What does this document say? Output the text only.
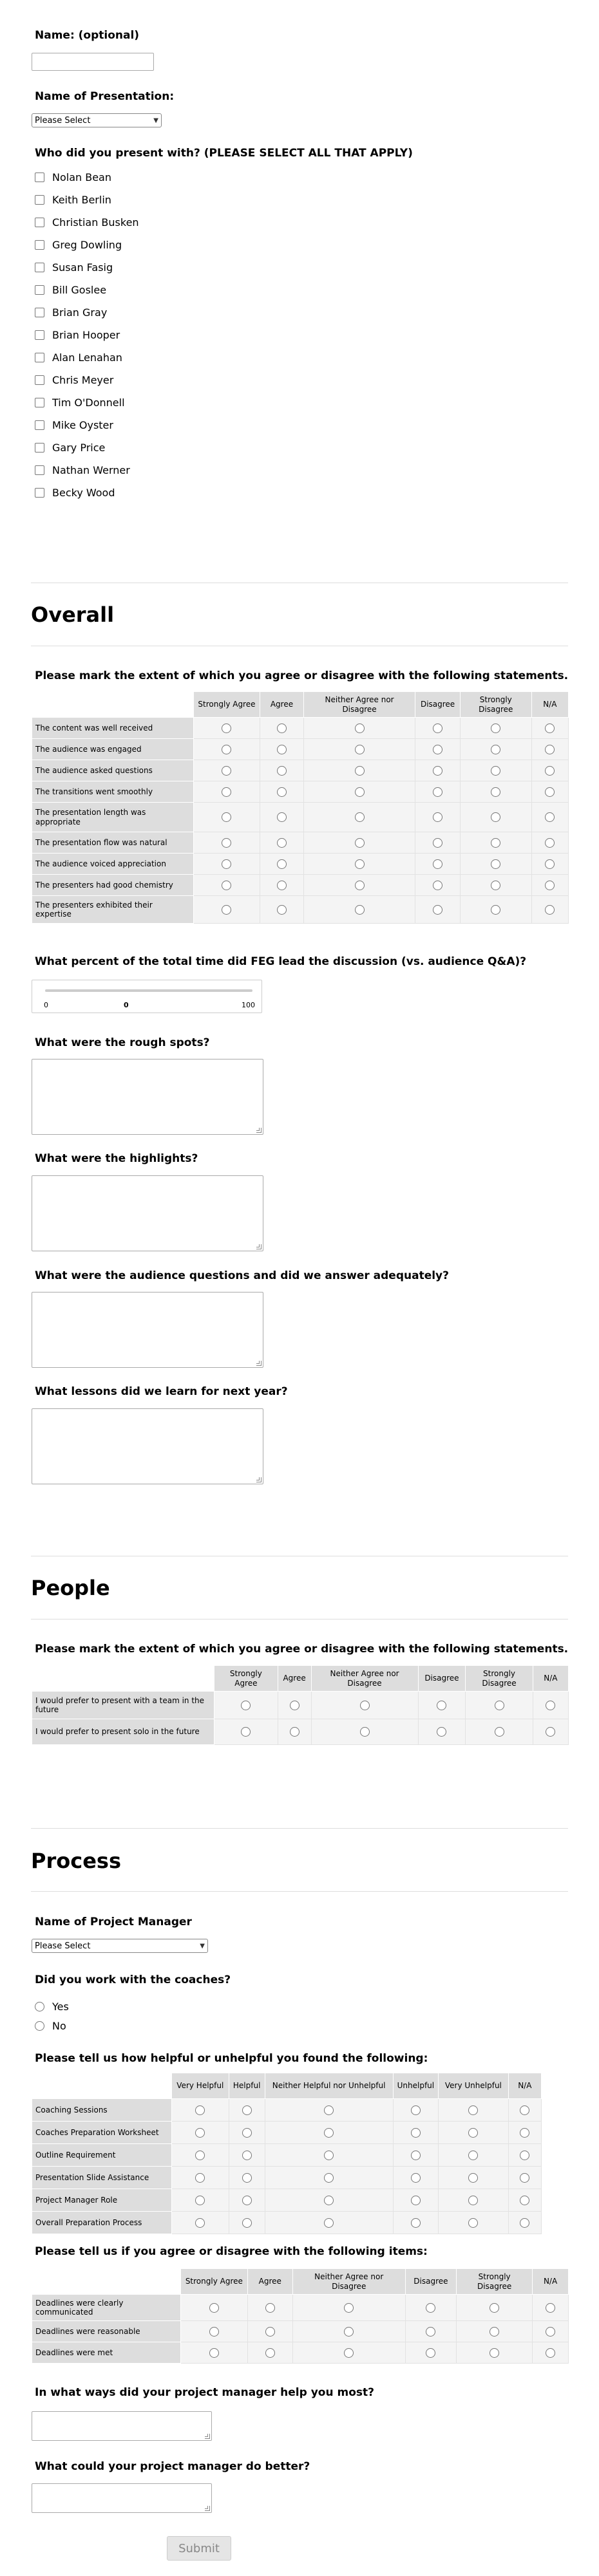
Name: (optional)
Name of Presentation:
Please Select	▼
Who did you present with? (PLEASE SELECT ALL THAT APPLY)
Nolan Bean
Keith Berlin
Christian Busken
Greg Dowling
Susan Fasig
Bill Goslee
Brian Gray
Brian Hooper
Alan Lenahan
Chris Meyer
Tim O'Donnell
Mike Oyster
Gary Price
Nathan Werner
Becky Wood
Overall
Please mark the extent of which you agree or disagree with the following statements.
	Strongly Agree	Agree	Neither Agree nor Disagree	Disagree	Strongly Disagree	N/A
The content was well received						
The audience was engaged						
The audience asked questions						
The transitions went smoothly						
The presentation length was appropriate						
The presentation flow was natural						
The audience voiced appreciation						
The presenters had good chemistry						
The presenters exhibited their expertise						
What percent of the total time did FEG lead the discussion (vs. audience Q&A)?
0	0	100
What were the rough spots?
What were the highlights?
What were the audience questions and did we answer adequately?
What lessons did we learn for next year?
People
Please mark the extent of which you agree or disagree with the following statements.
	Strongly Agree	Agree	Neither Agree nor Disagree	Disagree	Strongly Disagree	N/A
I would prefer to present with a team in the future						
I would prefer to present solo in the future						
Process
Name of Project Manager
Please Select	▼
Did you work with the coaches?
Yes
No
Please tell us how helpful or unhelpful you found the following:
	Very Helpful	Helpful	Neither Helpful nor Unhelpful	Unhelpful	Very Unhelpful	N/A
Coaching Sessions						
Coaches Preparation Worksheet						
Outline Requirement						
Presentation Slide Assistance						
Project Manager Role						
Overall Preparation Process						
Please tell us if you agree or disagree with the following items:
	Strongly Agree	Agree	Neither Agree nor Disagree	Disagree	Strongly Disagree	N/A
Deadlines were clearly communicated						
Deadlines were reasonable						
Deadlines were met						
In what ways did your project manager help you most?
What could your project manager do better?
Submit
